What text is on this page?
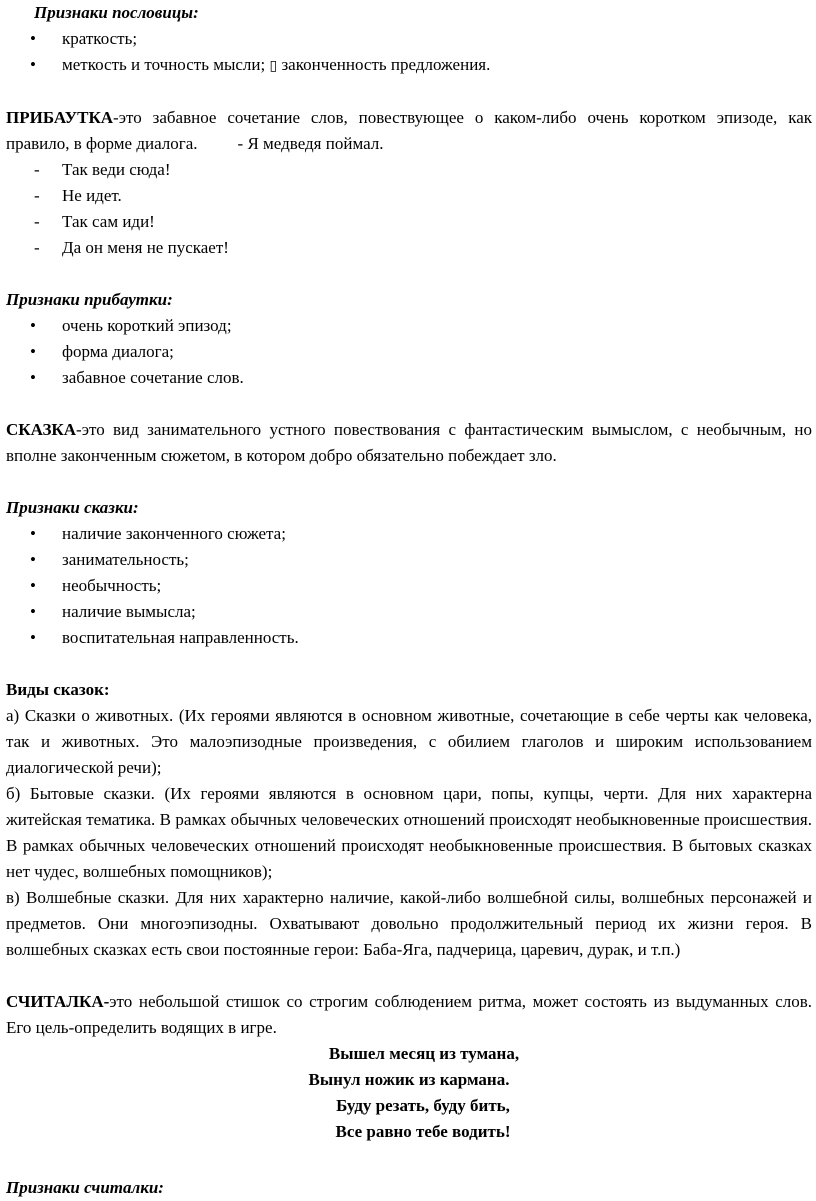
Признаки пословицы:

• краткость;
• меткость и точность мысли; ▯ законченность предложения.

ПРИБАУТКА-это забавное сочетание слов, повествующее о каком-либо очень коротком эпизоде, как правило, в форме диалога. - Я медведя поймал.

- Так веди сюда!
- Не идет.
- Так сам иди!
- Да он меня не пускает!

Признаки прибаутки:

• очень короткий эпизод;
• форма диалога;
• забавное сочетание слов.

СКАЗКА-это вид занимательного устного повествования с фантастическим вымыслом, с необычным, но вполне законченным сюжетом, в котором добро обязательно побеждает зло.

Признаки сказки:

• наличие законченного сюжета;
• занимательность;
• необычность;
• наличие вымысла;
• воспитательная направленность.

Виды сказок:

а) Сказки о животных. (Их героями являются в основном животные, сочетающие в себе черты как человека, так и животных. Это малоэпизодные произведения, с обилием глаголов и широким использованием диалогической речи);

б) Бытовые сказки. (Их героями являются в основном цари, попы, купцы, черти. Для них характерна житейская тематика. В рамках обычных человеческих отношений происходят необыкновенные происшествия. В рамках обычных человеческих отношений происходят необыкновенные происшествия. В бытовых сказках нет чудес, волшебных помощников);

в) Волшебные сказки. Для них характерно наличие, какой-либо волшебной силы, волшебных персонажей и предметов. Они многоэпизодны. Охватывают довольно продолжительный период их жизни героя. В волшебных сказках есть свои постоянные герои: Баба-Яга, падчерица, царевич, дурак, и т.п.)

СЧИТАЛКА-это небольшой стишок со строгим соблюдением ритма, может состоять из выдуманных слов. Его цель-определить водящих в игре.

Вышел месяц из тумана,

Вынул ножик из кармана.

Буду резать, буду бить,

Все равно тебе водить!

Признаки считалки:
